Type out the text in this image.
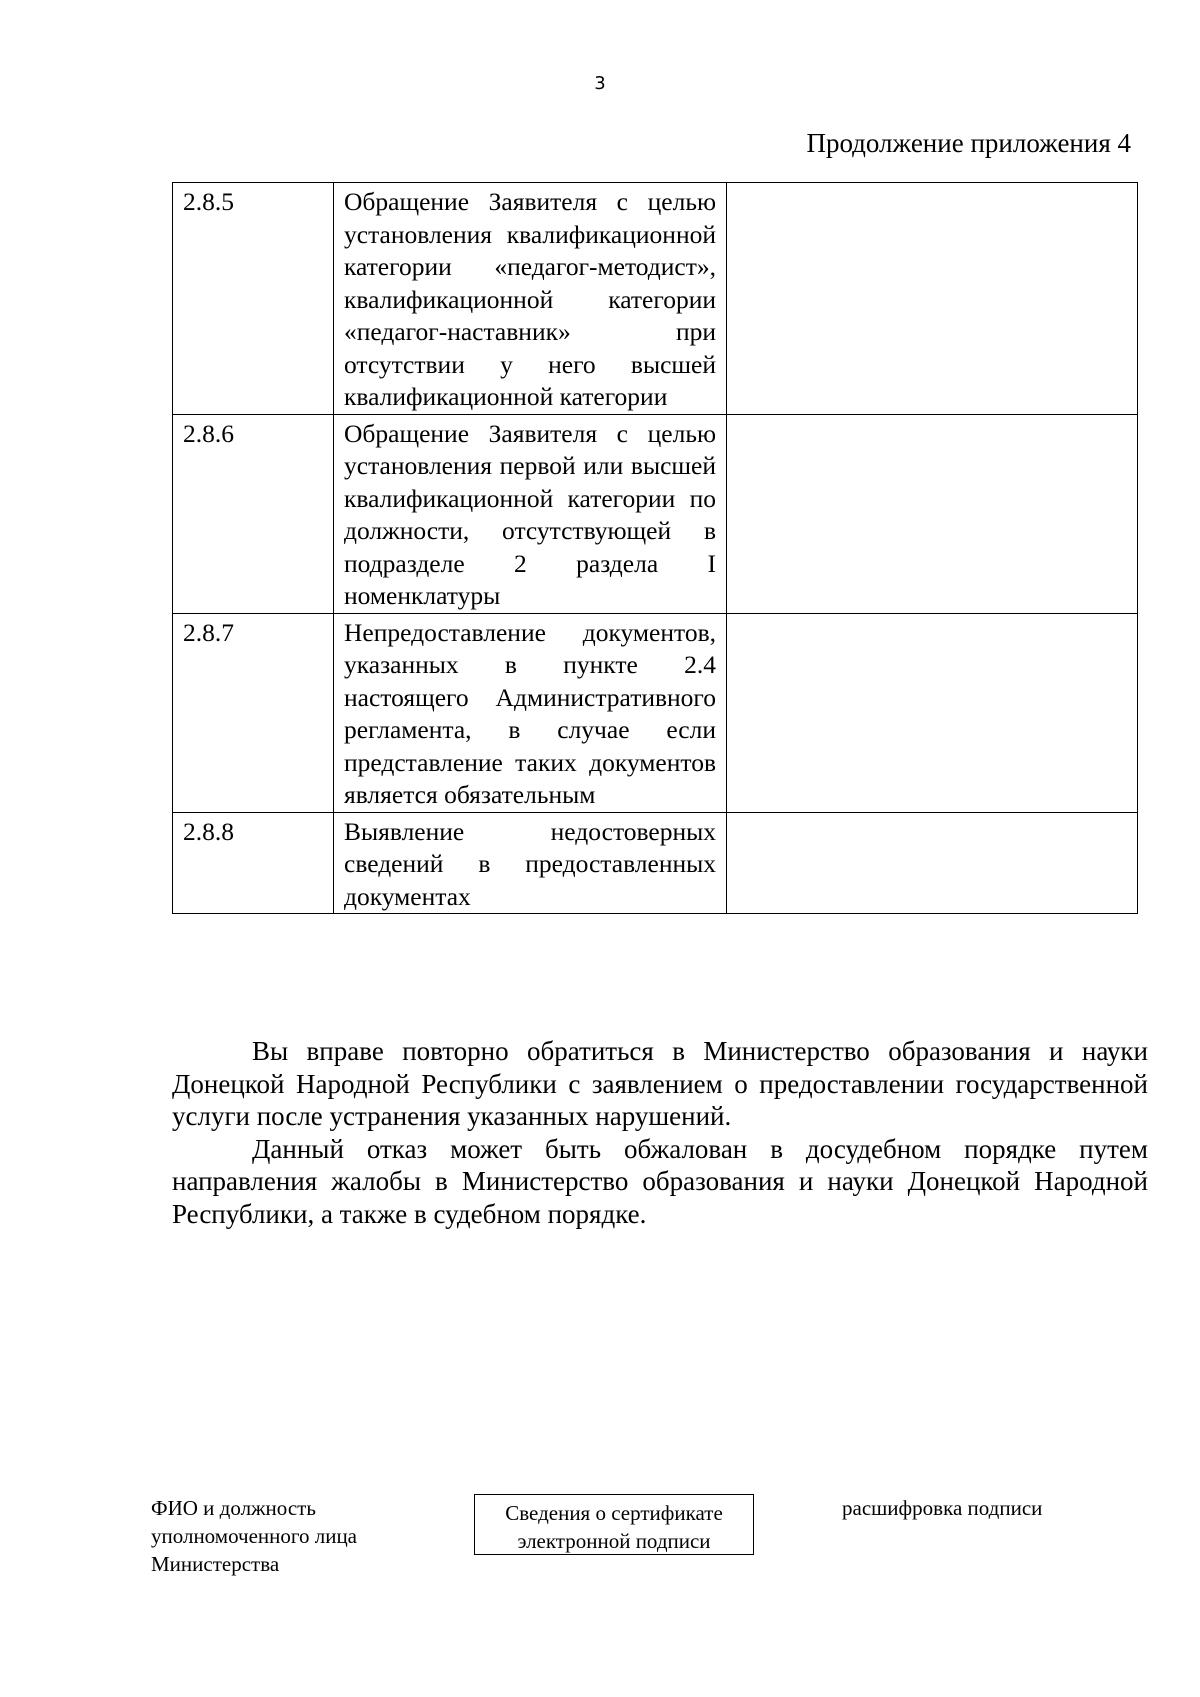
3
Продолжение приложения 4
2.8.5	Обращение Заявителя с целью установления квалификационной категории «педагог-методист», квалификационной категории «педагог-наставник» при отсутствии у него высшей квалификационной категории	
2.8.6	Обращение Заявителя с целью установления первой или высшей квалификационной категории по должности, отсутствующей в подразделе 2 раздела I номенклатуры	
2.8.7	Непредоставление документов, указанных в пункте 2.4 настоящего Административного регламента, в случае если представление таких документов является обязательным	
2.8.8	Выявление недостоверных сведений в предоставленных документах	

Вы вправе повторно обратиться в Министерство образования и науки Донецкой Народной Республики с заявлением о предоставлении государственной услуги после устранения указанных нарушений.

Данный отказ может быть обжалован в досудебном порядке путем направления жалобы в Министерство образования и науки Донецкой Народной Республики, а также в судебном порядке.

ФИО и должность
уполномоченного лица
Министерства
Сведения о сертификате
электронной подписи
расшифровка подписи
